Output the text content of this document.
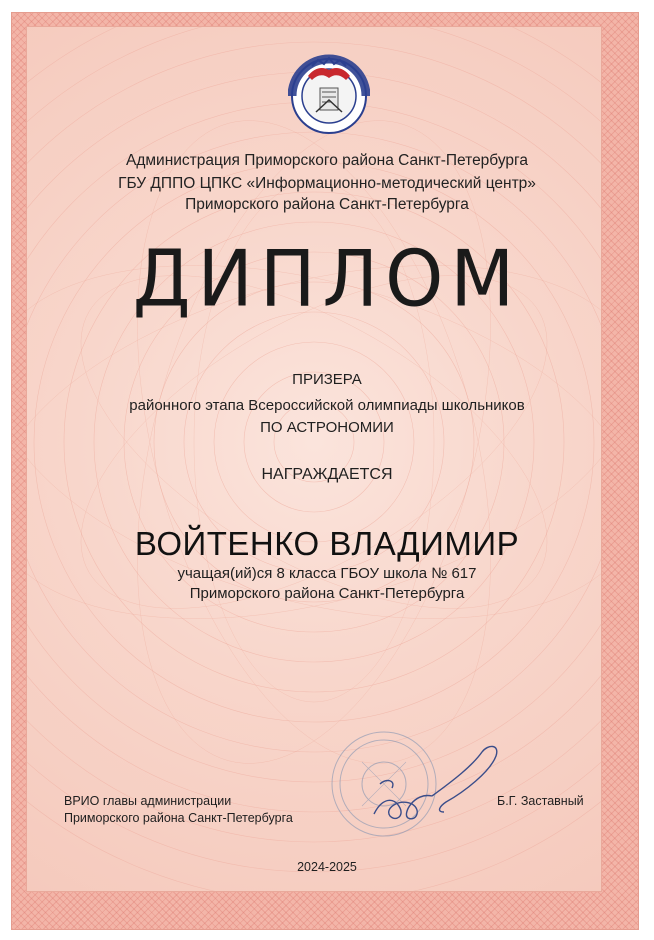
Администрация Приморского района Санкт-Петербурга
ГБУ ДППО ЦПКС «Информационно-методический центр»
Приморского района Санкт-Петербурга
ДИПЛОМ
ПРИЗЕРА
районного этапа Всероссийской олимпиады школьников
ПО АСТРОНОМИИ
НАГРАЖДАЕТСЯ
ВОЙТЕНКО ВЛАДИМИР
учащая(ий)ся 8 класса ГБОУ школа № 617
Приморского района Санкт-Петербурга
ВРИО главы администрации
Приморского района Санкт-Петербурга
Б.Г. Заставный
2024-2025
